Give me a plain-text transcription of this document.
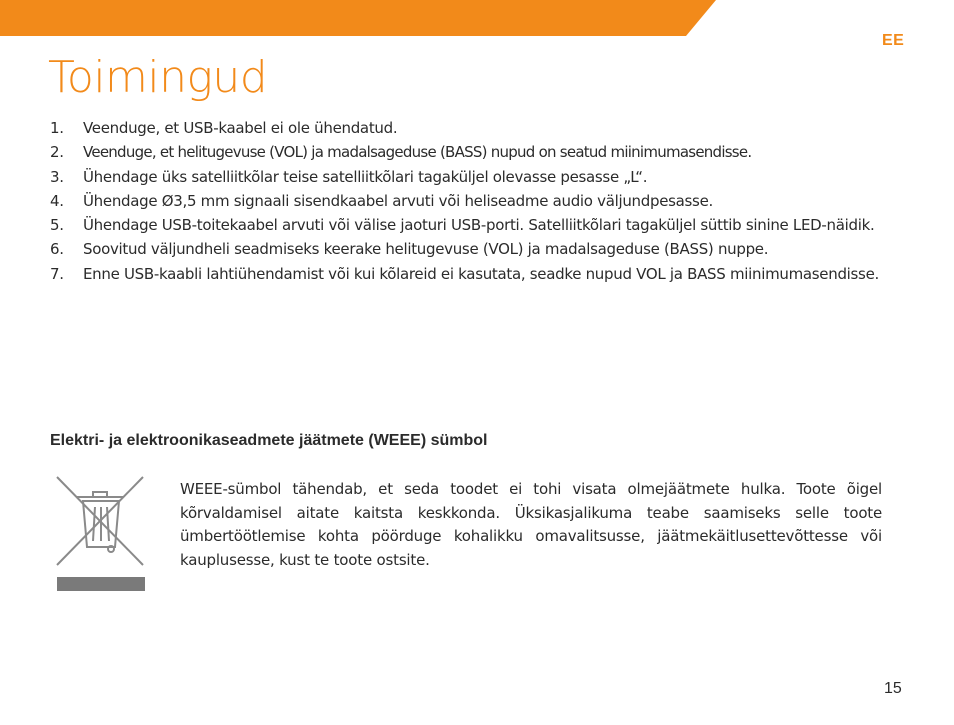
EE
Toimingud
1. Veenduge, et USB-kaabel ei ole ühendatud.
2. Veenduge, et helitugevuse (VOL) ja madalsageduse (BASS) nupud on seatud miinimumasendisse.
3. Ühendage üks satelliitkõlar teise satelliitkõlari tagaküljel olevasse pesasse „L“.
4. Ühendage Ø3,5 mm signaali sisendkaabel arvuti või heliseadme audio väljundpesasse.
5. Ühendage USB-toitekaabel arvuti või välise jaoturi USB-porti. Satelliitkõlari tagaküljel süttib sinine LED-näidik.
6. Soovitud väljundheli seadmiseks keerake helitugevuse (VOL) ja madalsageduse (BASS) nuppe.
7. Enne USB-kaabli lahtiühendamist või kui kõlareid ei kasutata, seadke nupud VOL ja BASS miinimumasendisse.
Elektri- ja elektroonikaseadmete jäätmete (WEEE) sümbol

WEEE-sümbol tähendab, et seda toodet ei tohi visata olmejäätmete hulka. Toote õigel kõrvaldamisel aitate kaitsta keskkonda. Üksikasjalikuma teabe saamiseks selle toote ümbertöötlemise kohta pöörduge kohalikku omavalitsusse, jäätmekäitlusettevõttesse või kauplusesse, kust te toote ostsite.

15
